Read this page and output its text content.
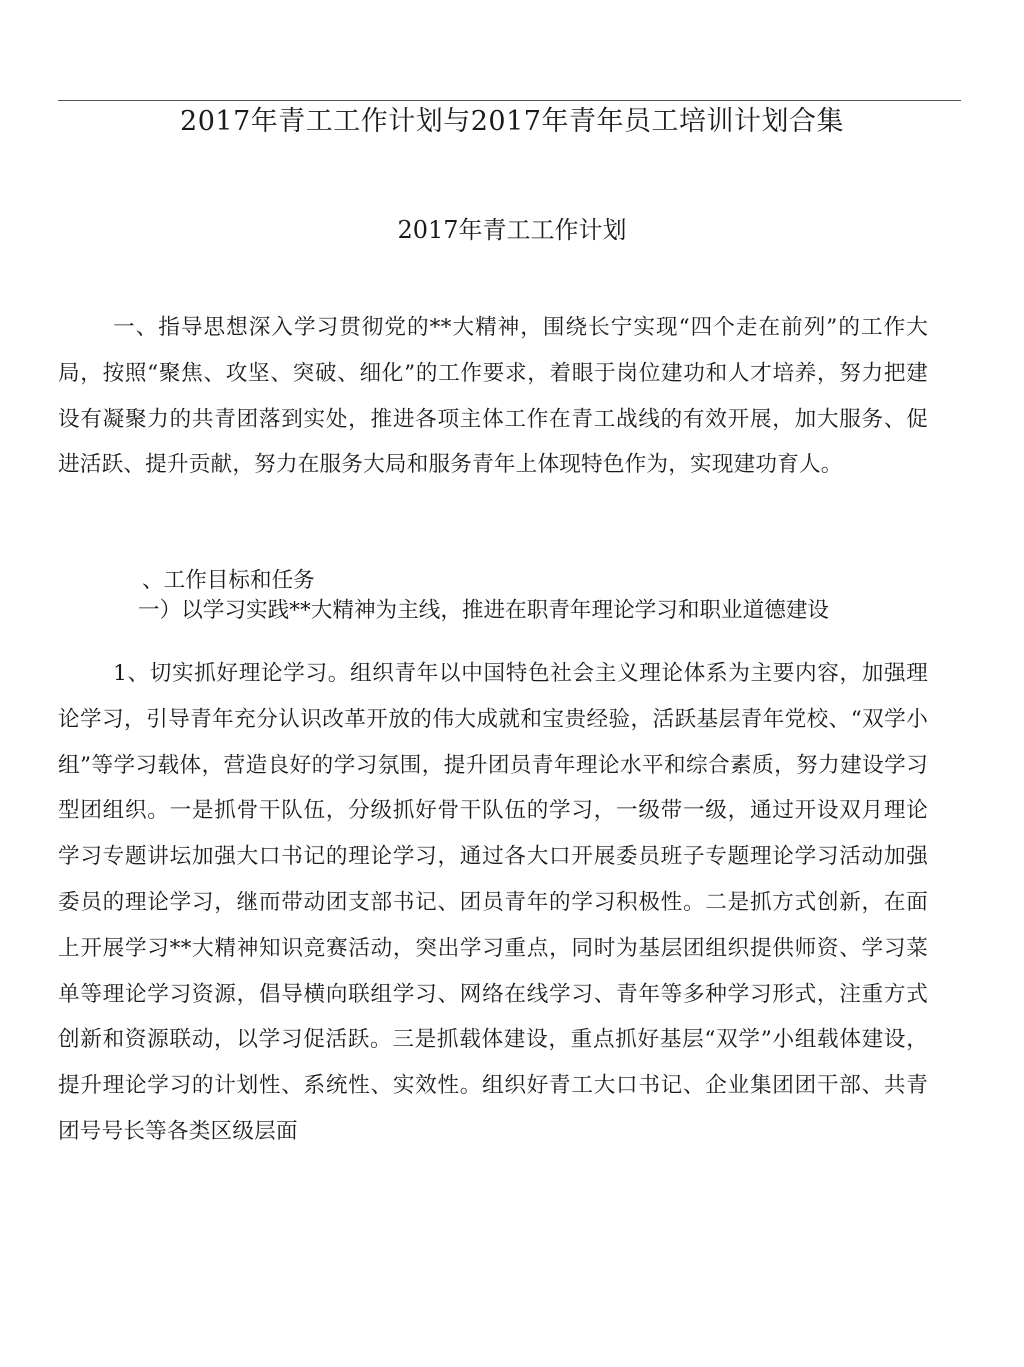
2017年青工工作计划与2017年青年员工培训计划合集
2017年青工工作计划

一、指导思想深入学习贯彻党的**大精神，围绕长宁实现“四个走在前列”的工作大局，按照“聚焦、攻坚、突破、细化”的工作要求，着眼于岗位建功和人才培养，努力把建设有凝聚力的共青团落到实处，推进各项主体工作在青工战线的有效开展，加大服务、促进活跃、提升贡献，努力在服务大局和服务青年上体现特色作为，实现建功育人。

、工作目标和任务

一）以学习实践**大精神为主线，推进在职青年理论学习和职业道德建设

1、切实抓好理论学习。组织青年以中国特色社会主义理论体系为主要内容，加强理论学习，引导青年充分认识改革开放的伟大成就和宝贵经验，活跃基层青年党校、“双学小组”等学习载体，营造良好的学习氛围，提升团员青年理论水平和综合素质，努力建设学习型团组织。一是抓骨干队伍，分级抓好骨干队伍的学习，一级带一级，通过开设双月理论学习专题讲坛加强大口书记的理论学习，通过各大口开展委员班子专题理论学习活动加强委员的理论学习，继而带动团支部书记、团员青年的学习积极性。二是抓方式创新，在面上开展学习**大精神知识竞赛活动，突出学习重点，同时为基层团组织提供师资、学习菜单等理论学习资源，倡导横向联组学习、网络在线学习、青年等多种学习形式，注重方式创新和资源联动，以学习促活跃。三是抓载体建设，重点抓好基层“双学”小组载体建设，提升理论学习的计划性、系统性、实效性。组织好青工大口书记、企业集团团干部、共青团号号长等各类区级层面
